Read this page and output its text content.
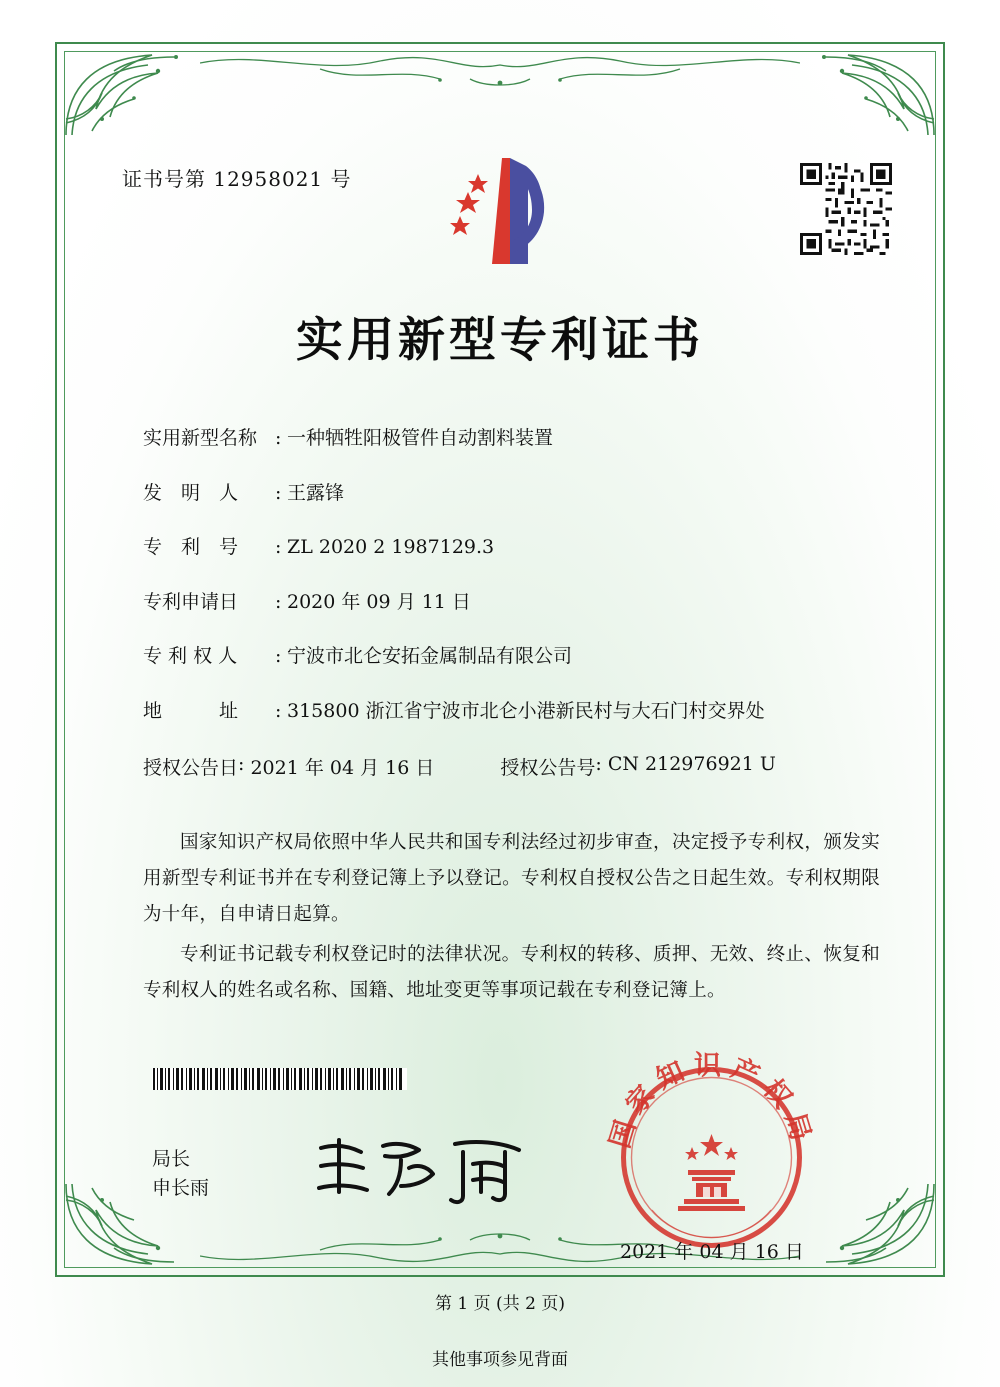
证书号第 12958021 号
实用新型专利证书
实用新型名称 : 一种牺牲阳极管件自动割料装置
发　明　人	: 王露锋
专　利　号	: ZL 2020 2 1987129.3
专利申请日	: 2020 年 09 月 11 日
专 利 权 人	: 宁波市北仑安拓金属制品有限公司
地　　　址	: 315800 浙江省宁波市北仑小港新民村与大石门村交界处
授权公告日 : 2021 年 04 月 16 日	授权公告号 : CN 212976921 U

国家知识产权局依照中华人民共和国专利法经过初步审查，决定授予专利权，颁发实用新型专利证书并在专利登记簿上予以登记。专利权自授权公告之日起生效。专利权期限为十年，自申请日起算。

专利证书记载专利权登记时的法律状况。专利权的转移、质押、无效、终止、恢复和专利权人的姓名或名称、国籍、地址变更等事项记载在专利登记簿上。

国家知识产权局
2021 年 04 月 16 日
局长
申长雨
第 1 页 (共 2 页)
其他事项参见背面
